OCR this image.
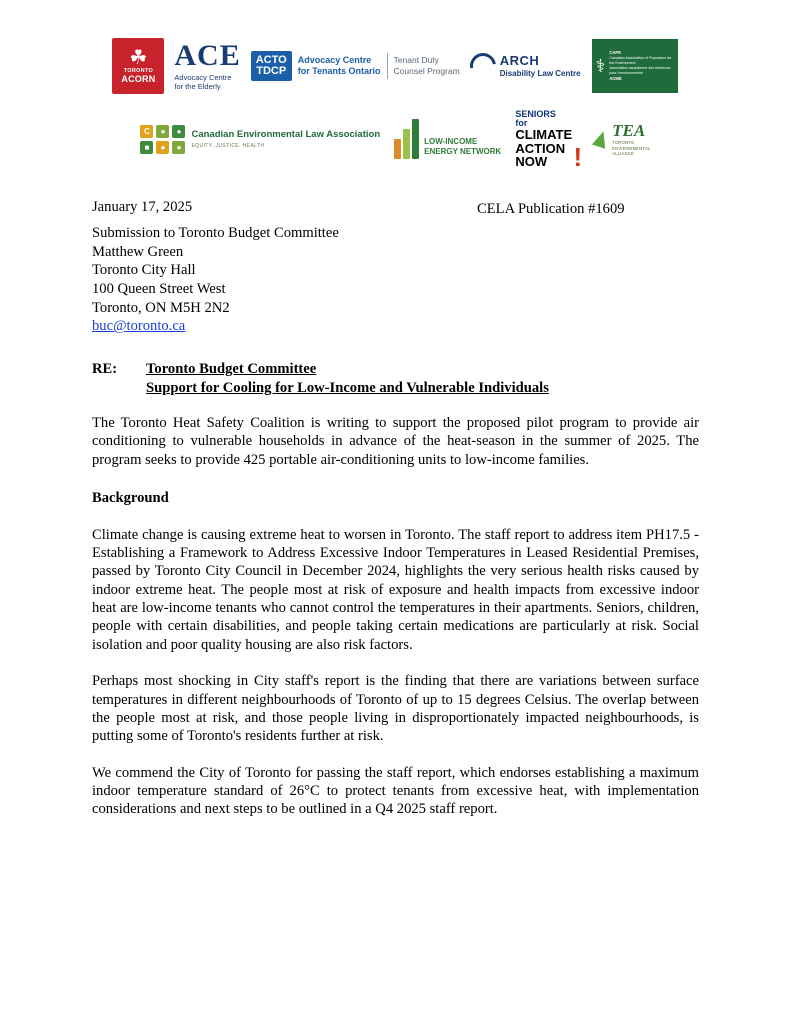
☘
TORONTO
ACORN
ACE
Advocacy Centre
for the Elderly
ACTO
TDCP
Advocacy Centre
for Tenants Ontario
Tenant Duty
Counsel Program
ARCH
Disability Law Centre ⚕
CAPE
Canadian Association of Physicians for the Environment
Association canadienne des médecins pour l'environnement
ACME
C	●	●
■	●	●
Canadian Environmental Law Association
EQUITY. JUSTICE. HEALTH.	LOW-INCOME
ENERGY NETWORK
SENIORS
for
CLIMATE
ACTION
NOW	!
TEA
TORONTO
ENVIRONMENTAL
ALLIANCE
January 17, 2025	CELA Publication #1609
Submission to Toronto Budget Committee
Matthew Green
Toronto City Hall
100 Queen Street West
Toronto, ON M5H 2N2
buc@toronto.ca
RE:	Toronto Budget Committee
Support for Cooling for Low-Income and Vulnerable Individuals

The Toronto Heat Safety Coalition is writing to support the proposed pilot program to provide air conditioning to vulnerable households in advance of the heat-season in the summer of 2025. The program seeks to provide 425 portable air-conditioning units to low-income families.

Background

Climate change is causing extreme heat to worsen in Toronto. The staff report to address item PH17.5 - Establishing a Framework to Address Excessive Indoor Temperatures in Leased Residential Premises, passed by Toronto City Council in December 2024, highlights the very serious health risks caused by indoor extreme heat. The people most at risk of exposure and health impacts from excessive indoor heat are low-income tenants who cannot control the temperatures in their apartments. Seniors, children, people with certain disabilities, and people taking certain medications are particularly at risk. Social isolation and poor quality housing are also risk factors.

Perhaps most shocking in City staff's report is the finding that there are variations between surface temperatures in different neighbourhoods of Toronto of up to 15 degrees Celsius. The overlap between the people most at risk, and those people living in disproportionately impacted neighbourhoods, is putting some of Toronto's residents further at risk.

We commend the City of Toronto for passing the staff report, which endorses establishing a maximum indoor temperature standard of 26°C to protect tenants from excessive heat, with implementation considerations and next steps to be outlined in a Q4 2025 staff report.
